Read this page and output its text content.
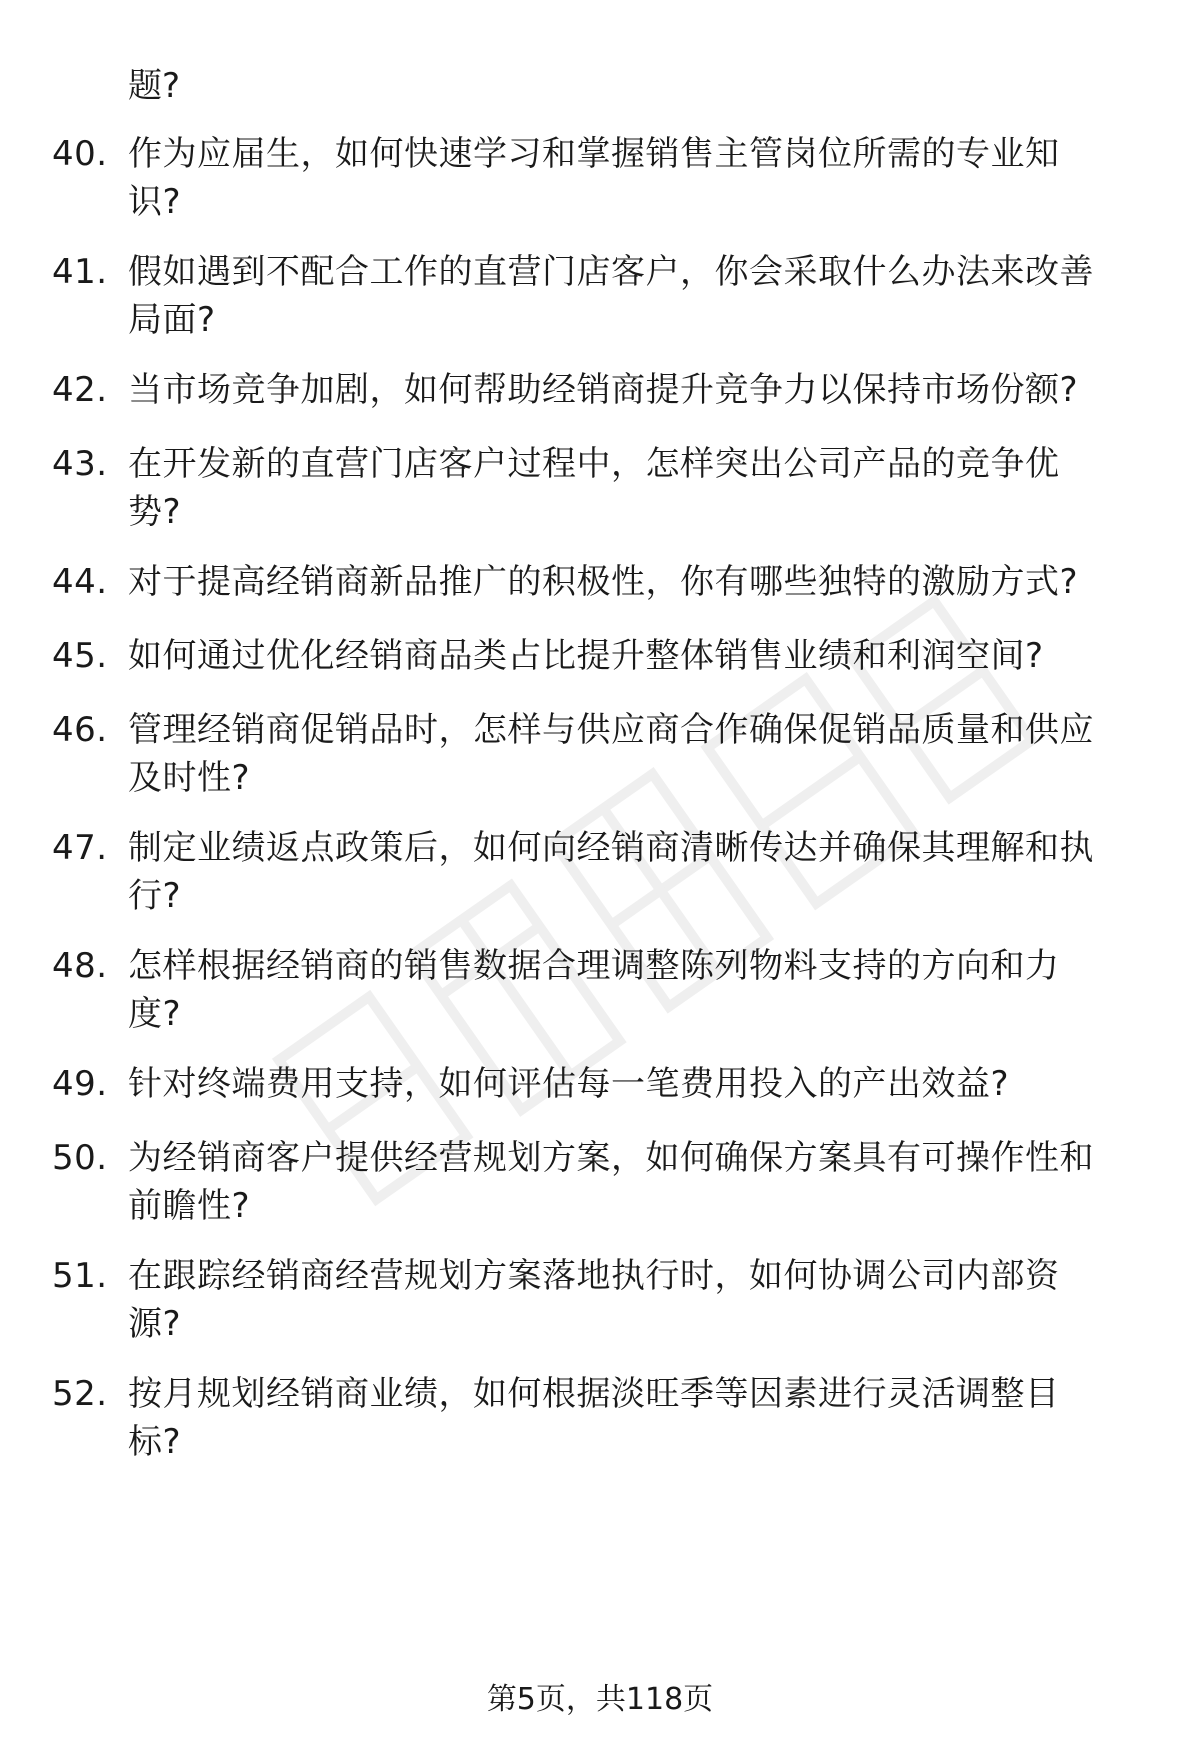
题?
40. 作为应届生，如何快速学习和掌握销售主管岗位所需的专业知
识?
41. 假如遇到不配合工作的直营门店客户，你会采取什么办法来改善
局面?
42. 当市场竞争加剧，如何帮助经销商提升竞争力以保持市场份额?
43. 在开发新的直营门店客户过程中，怎样突出公司产品的竞争优
势?
44. 对于提高经销商新品推广的积极性，你有哪些独特的激励方式?
45. 如何通过优化经销商品类占比提升整体销售业绩和利润空间?
46. 管理经销商促销品时，怎样与供应商合作确保促销品质量和供应
及时性?
47. 制定业绩返点政策后，如何向经销商清晰传达并确保其理解和执
行?
48. 怎样根据经销商的销售数据合理调整陈列物料支持的方向和力
度?
49. 针对终端费用支持，如何评估每一笔费用投入的产出效益?
50. 为经销商客户提供经营规划方案，如何确保方案具有可操作性和
前瞻性?
51. 在跟踪经销商经营规划方案落地执行时，如何协调公司内部资
源?
52. 按月规划经销商业绩，如何根据淡旺季等因素进行灵活调整目
标?
第5页，共118页
